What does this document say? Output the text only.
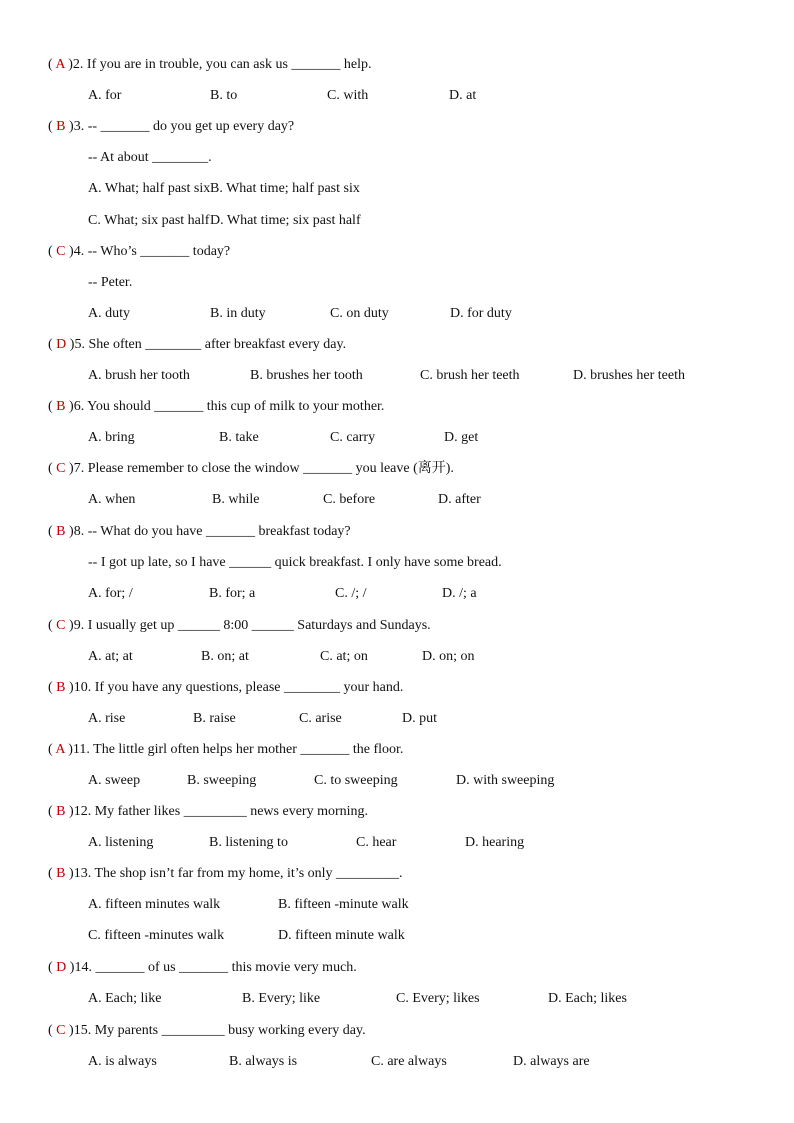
( A )2. If you are in trouble, you can ask us _______ help.
A. for	B. to	C. with	D. at
( B )3. -- _______ do you get up every day?
-- At about ________.
A. What; half past six B. What time; half past six
C. What; six past half D. What time; six past half
( C )4. -- Who’s _______ today?
-- Peter.
A. duty	B. in duty	C. on duty	D. for duty
( D )5. She often ________ after breakfast every day.
A. brush her tooth	B. brushes her tooth	C. brush her teeth	D. brushes her teeth
( B )6. You should _______ this cup of milk to your mother.
A. bring	B. take	C. carry	D. get
( C )7. Please remember to close the window _______ you leave (离开).
A. when	B. while	C. before	D. after
( B )8. -- What do you have _______ breakfast today?
-- I got up late, so I have ______ quick breakfast. I only have some bread.
A. for; /	B. for; a	C. /; /	D. /; a
( C )9. I usually get up ______ 8:00 ______ Saturdays and Sundays.
A. at; at	B. on; at	C. at; on	D. on; on
( B )10. If you have any questions, please ________ your hand.
A. rise	B. raise	C. arise	D. put
( A )11. The little girl often helps her mother _______ the floor.
A. sweep	B. sweeping	C. to sweeping	D. with sweeping
( B )12. My father likes _________ news every morning.
A. listening	B. listening to	C. hear	D. hearing
( B )13. The shop isn’t far from my home, it’s only _________.
A. fifteen minutes walk	B. fifteen -minute walk
C. fifteen -minutes walk	D. fifteen minute walk
( D )14. _______ of us _______ this movie very much.
A. Each; like	B. Every; like	C. Every; likes	D. Each; likes
( C )15. My parents _________ busy working every day.
A. is always	B. always is	C. are always	D. always are
